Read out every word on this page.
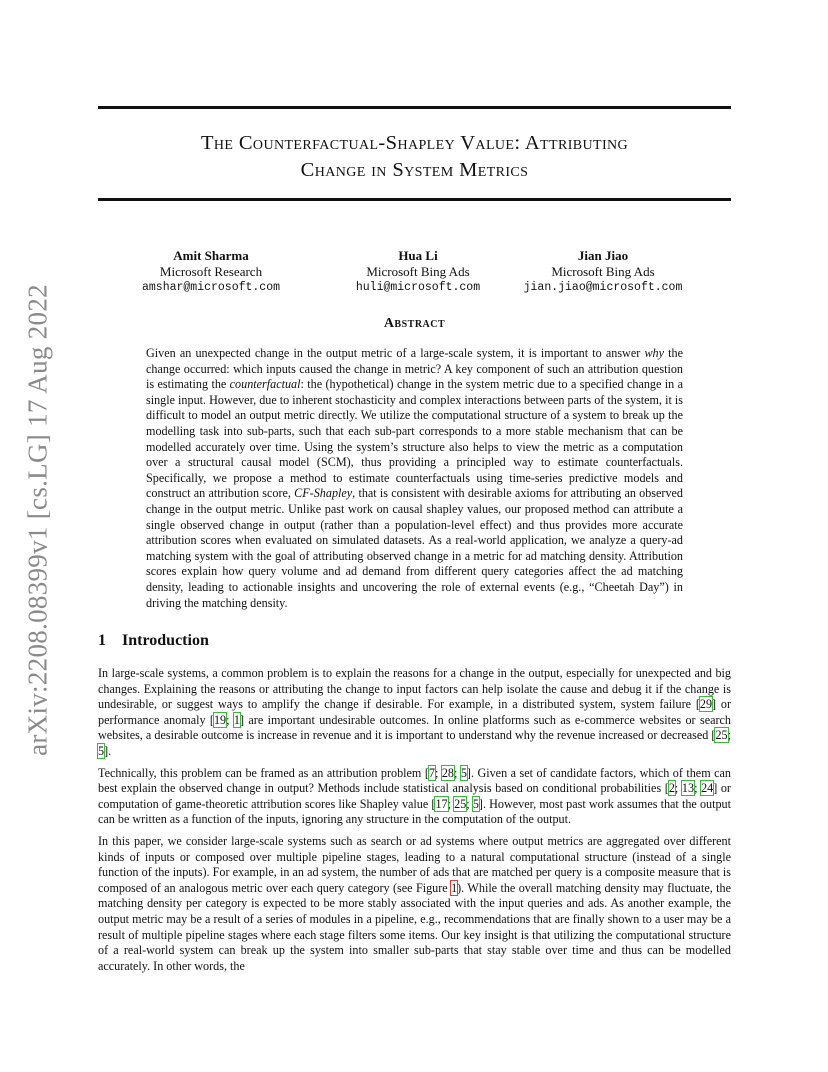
arXiv:2208.08399v1 [cs.LG] 17 Aug 2022
The Counterfactual-Shapley Value: Attributing
Change in System Metrics
Amit Sharma
Microsoft Research
amshar@microsoft.com
Hua Li
Microsoft Bing Ads
huli@microsoft.com
Jian Jiao
Microsoft Bing Ads
jian.jiao@microsoft.com
Abstract

Given an unexpected change in the output metric of a large-scale system, it is important to answer why the change occurred: which inputs caused the change in metric? A key component of such an attribution question is estimating the counterfactual: the (hypothetical) change in the system metric due to a specified change in a single input. However, due to inherent stochasticity and complex interactions between parts of the system, it is difficult to model an output metric directly. We utilize the computational structure of a system to break up the modelling task into sub-parts, such that each sub-part corresponds to a more stable mechanism that can be modelled accurately over time. Using the system’s structure also helps to view the metric as a computation over a structural causal model (SCM), thus providing a principled way to estimate counterfactuals. Specifically, we propose a method to estimate counterfactuals using time-series predictive models and construct an attribution score, CF-Shapley, that is consistent with desirable axioms for attributing an observed change in the output metric. Unlike past work on causal shapley values, our proposed method can attribute a single observed change in output (rather than a population-level effect) and thus provides more accurate attribution scores when evaluated on simulated datasets. As a real-world application, we analyze a query-ad matching system with the goal of attributing observed change in a metric for ad matching density. Attribution scores explain how query volume and ad demand from different query categories affect the ad matching density, leading to actionable insights and uncovering the role of external events (e.g., “Cheetah Day”) in driving the matching density.

1 Introduction

In large-scale systems, a common problem is to explain the reasons for a change in the output, especially for unexpected and big changes. Explaining the reasons or attributing the change to input factors can help isolate the cause and debug it if the change is undesirable, or suggest ways to amplify the change if desirable. For example, in a distributed system, system failure [29] or performance anomaly [19; 1] are important undesirable outcomes. In online platforms such as e-commerce websites or search websites, a desirable outcome is increase in revenue and it is important to understand why the revenue increased or decreased [25; 5].

Technically, this problem can be framed as an attribution problem [7; 28; 5]. Given a set of candidate factors, which of them can best explain the observed change in output? Methods include statistical analysis based on conditional probabilities [2; 13; 24] or computation of game-theoretic attribution scores like Shapley value [17; 25; 5]. However, most past work assumes that the output can be written as a function of the inputs, ignoring any structure in the computation of the output.

In this paper, we consider large-scale systems such as search or ad systems where output metrics are aggregated over different kinds of inputs or composed over multiple pipeline stages, leading to a natural computational structure (instead of a single function of the inputs). For example, in an ad system, the number of ads that are matched per query is a composite measure that is composed of an analogous metric over each query category (see Figure 1). While the overall matching density may fluctuate, the matching density per category is expected to be more stably associated with the input queries and ads. As another example, the output metric may be a result of a series of modules in a pipeline, e.g., recommendations that are finally shown to a user may be a result of multiple pipeline stages where each stage filters some items. Our key insight is that utilizing the computational structure of a real-world system can break up the system into smaller sub-parts that stay stable over time and thus can be modelled accurately. In other words, the
